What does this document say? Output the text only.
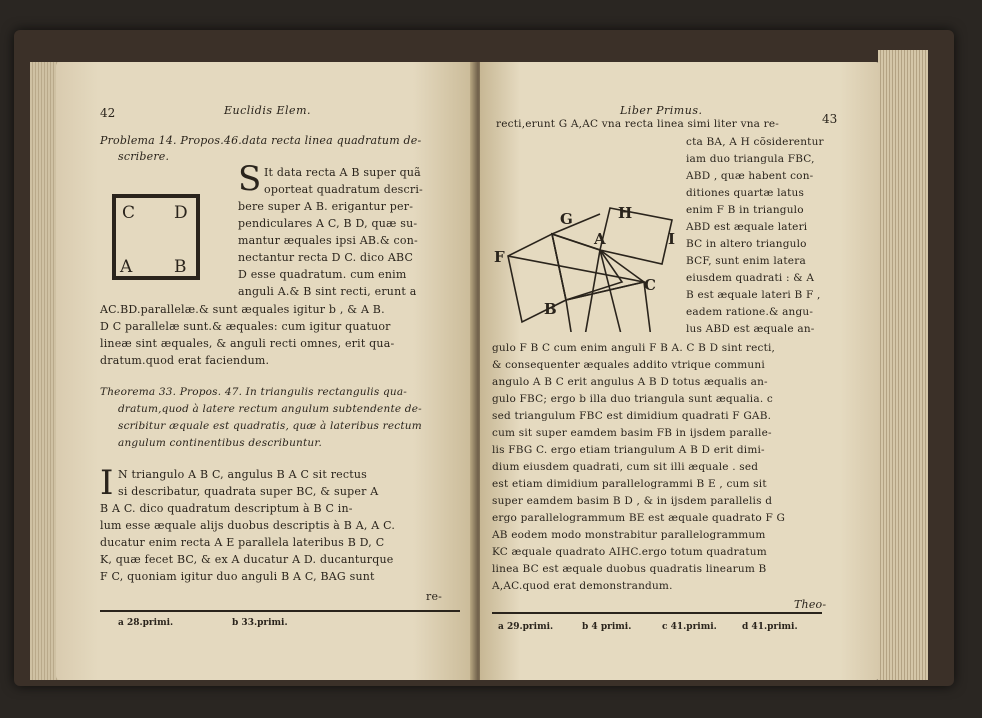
42	Euclidis Elem.
Problema 14. Propos.46.data recta linea quadratum de-
scribere.
C D
A B
S It data recta A B super quã
oporteat quadratum descri-
bere super A B. erigantur per-
pendiculares A C, B D, quæ su-
mantur æquales ipsi AB.& con-
nectantur recta D C. dico ABC
D esse quadratum. cum enim
anguli A.& B sint recti, erunt a
AC.BD.parallelæ.& sunt æquales igitur b , & A B.
D C parallelæ sunt.& æquales: cum igitur quatuor
lineæ sint æquales, & anguli recti omnes, erit qua-
dratum.quod erat faciendum.
Theorema 33. Propos. 47. In triangulis rectangulis qua-
dratum,quod à latere rectum angulum subtendente de-
scribitur æquale est quadratis, quæ à lateribus rectum
angulum continentibus describuntur.
I N triangulo A B C, angulus B A C sit rectus
si describatur, quadrata super BC, & super A
B A C. dico quadratum descriptum à B C in-
lum esse æquale alijs duobus descriptis à B A, A C.
ducatur enim recta A E parallela lateribus B D, C
K, quæ fecet BC, & ex A ducatur A D. ducanturque
F C, quoniam igitur duo anguli B A C, BAG sunt
re-
a 28.primi.	b 33.primi.
Liber Primus.
43
recti,erunt G A,AC vna recta linea simi liter vna re-
G	H
I
F
A
C
B
cta BA, A H cõsiderentur
iam duo triangula FBC,
ABD , quæ habent con-
ditiones quartæ latus
enim F B in triangulo
ABD est æquale lateri
BC in altero triangulo
BCF, sunt enim latera
eiusdem quadrati : & A
B est æquale lateri B F ,
eadem ratione.& angu-
lus ABD est æquale an-
gulo F B C cum enim anguli F B A. C B D sint recti,
& consequenter æquales addito vtrique communi
angulo A B C erit angulus A B D totus æqualis an-
gulo FBC; ergo b illa duo triangula sunt æqualia. c
sed triangulum FBC est dimidium quadrati F GAB.
cum sit super eamdem basim FB in ijsdem paralle-
lis FBG C. ergo etiam triangulum A B D erit dimi-
dium eiusdem quadrati, cum sit illi æquale . sed
est etiam dimidium parallelogrammi B E , cum sit
super eamdem basim B D , & in ijsdem parallelis d
ergo parallelogrammum BE est æquale quadrato F G
AB eodem modo monstrabitur parallelogrammum
KC æquale quadrato AIHC.ergo totum quadratum
linea BC est æquale duobus quadratis linearum B
A,AC.quod erat demonstrandum.
Theo-
a 29.primi.	b 4 primi.	c 41.primi.	d 41.primi.
